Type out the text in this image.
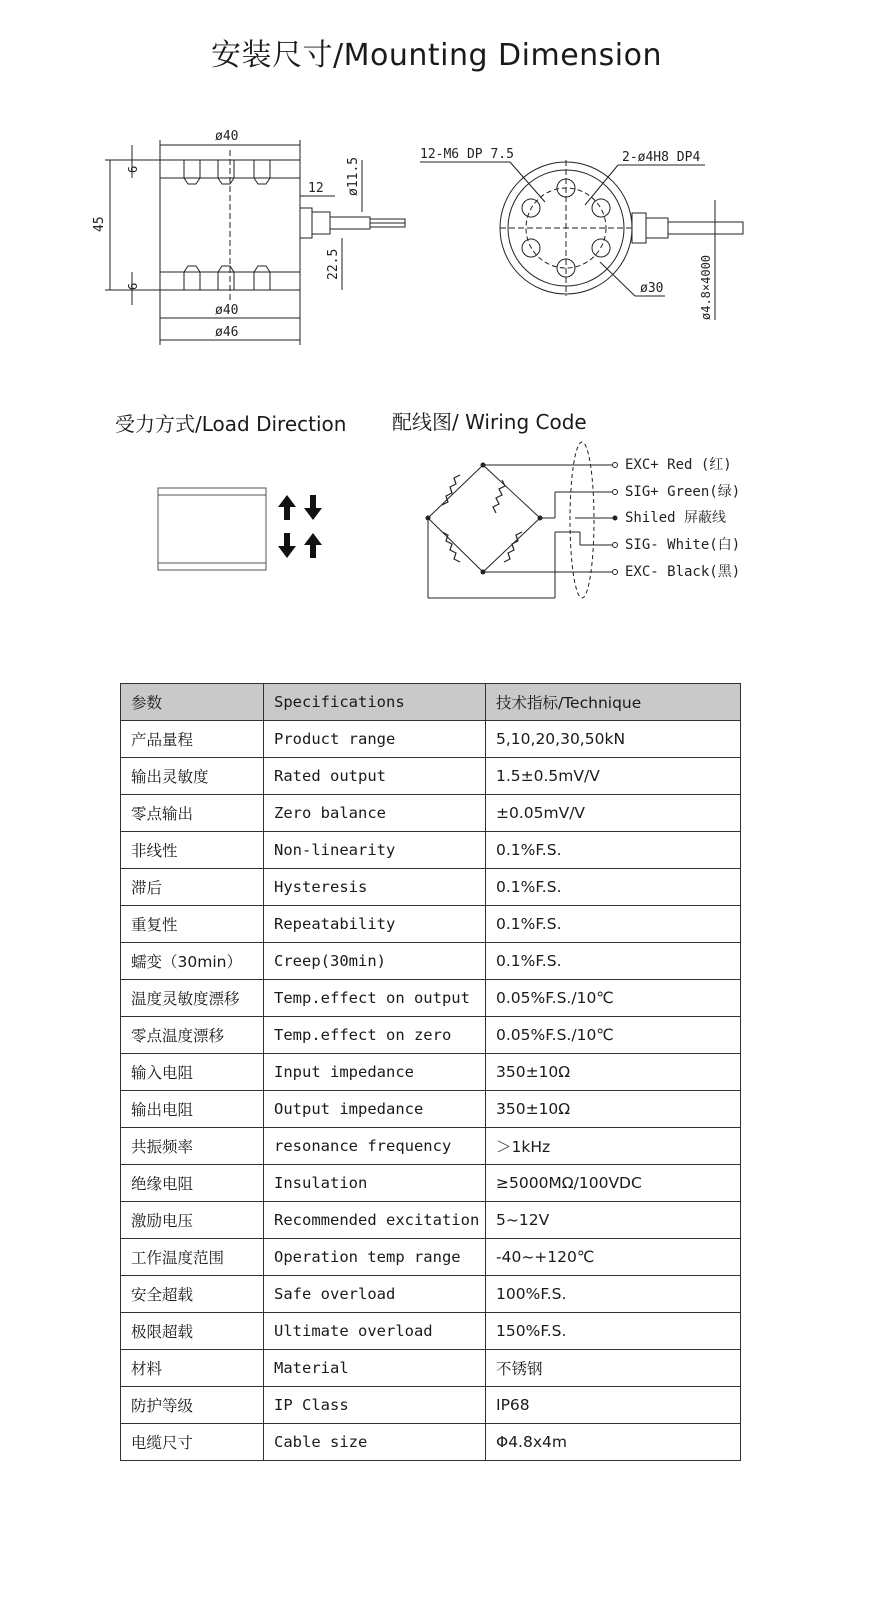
安装尺寸/Mounting Dimension
ø40
6
45
6
12 ø11.5
22.5
ø40
ø46
12-M6 DP 7.5	2-ø4H8 DP4
ø30	ø4.8×4000
受力方式/Load Direction 配线图/ Wiring Code
EXC+ Red (红)
SIG+ Green(绿)
Shiled 屏蔽线
SIG- White(白)
EXC- Black(黑)
参数	Specifications	技术指标/Technique
产品量程	Product range	5,10,20,30,50kN
输出灵敏度	Rated output	1.5±0.5mV/V
零点输出	Zero balance	±0.05mV/V
非线性	Non-linearity	0.1%F.S.
滞后	Hysteresis	0.1%F.S.
重复性	Repeatability	0.1%F.S.
蠕变（30min）	Creep(30min)	0.1%F.S.
温度灵敏度漂移	Temp.effect on output	0.05%F.S./10℃
零点温度漂移	Temp.effect on zero	0.05%F.S./10℃
输入电阻	Input impedance	350±10Ω
输出电阻	Output impedance	350±10Ω
共振频率	resonance frequency	＞1kHz
绝缘电阻	Insulation	≥5000MΩ/100VDC
激励电压	Recommended excitation	5~12V
工作温度范围	Operation temp range	-40~+120℃
安全超载	Safe overload	100%F.S.
极限超载	Ultimate overload	150%F.S.
材料	Material	不锈钢
防护等级	IP Class	IP68
电缆尺寸	Cable size	Φ4.8x4m
